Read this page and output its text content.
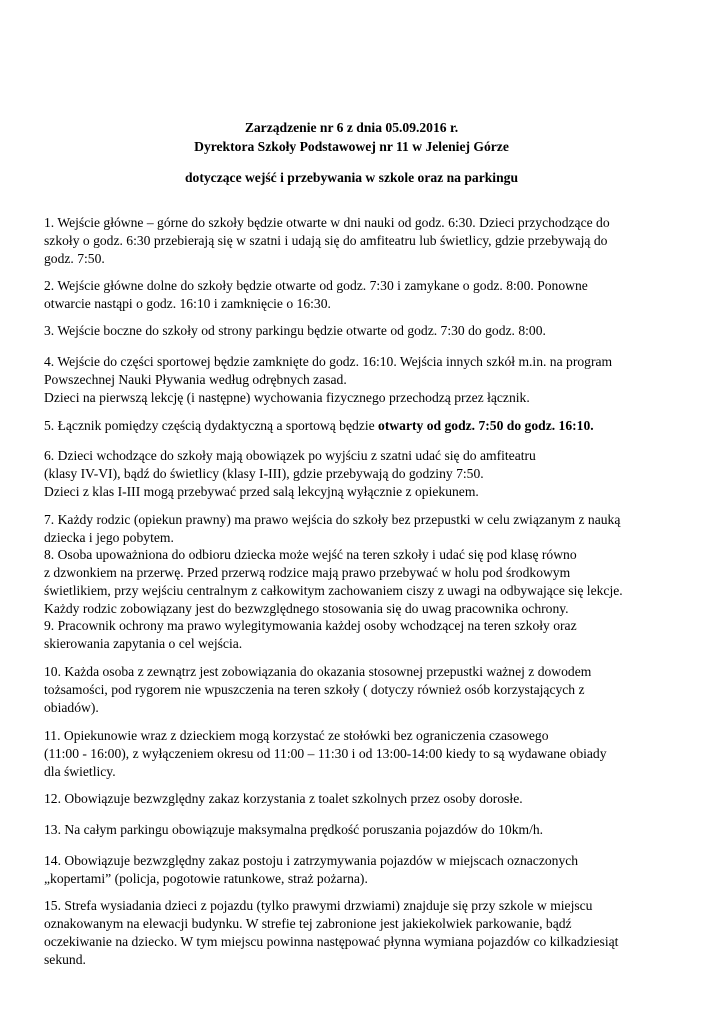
Zarządzenie nr 6 z dnia 05.09.2016 r.
Dyrektora Szkoły Podstawowej nr 11 w Jeleniej Górze
dotyczące wejść i przebywania w szkole oraz na parkingu
1. Wejście główne – górne do szkoły będzie otwarte w dni nauki od godz. 6:30. Dzieci przychodzące do
szkoły o godz. 6:30 przebierają się w szatni i udają się do amfiteatru lub świetlicy, gdzie przebywają do
godz. 7:50.
2. Wejście główne dolne do szkoły będzie otwarte od godz. 7:30 i zamykane o godz. 8:00. Ponowne
otwarcie nastąpi o godz. 16:10 i zamknięcie o 16:30.
3. Wejście boczne do szkoły od strony parkingu będzie otwarte od godz. 7:30 do godz. 8:00.
4. Wejście do części sportowej będzie zamknięte do godz. 16:10. Wejścia innych szkół m.in. na program
Powszechnej Nauki Pływania według odrębnych zasad.
Dzieci na pierwszą lekcję (i następne) wychowania fizycznego przechodzą przez łącznik.
5. Łącznik pomiędzy częścią dydaktyczną a sportową będzie otwarty od godz. 7:50 do godz. 16:10.
6. Dzieci wchodzące do szkoły mają obowiązek po wyjściu z szatni udać się do amfiteatru
(klasy IV-VI), bądź do świetlicy (klasy I-III), gdzie przebywają do godziny 7:50.
Dzieci z klas I-III mogą przebywać przed salą lekcyjną wyłącznie z opiekunem.
7. Każdy rodzic (opiekun prawny) ma prawo wejścia do szkoły bez przepustki w celu związanym z nauką
dziecka i jego pobytem.
8. Osoba upoważniona do odbioru dziecka może wejść na teren szkoły i udać się pod klasę równo
z dzwonkiem na przerwę. Przed przerwą rodzice mają prawo przebywać w holu pod środkowym
świetlikiem, przy wejściu centralnym z całkowitym zachowaniem ciszy z uwagi na odbywające się lekcje.
Każdy rodzic zobowiązany jest do bezwzględnego stosowania się do uwag pracownika ochrony.
9. Pracownik ochrony ma prawo wylegitymowania każdej osoby wchodzącej na teren szkoły oraz
skierowania zapytania o cel wejścia.
10. Każda osoba z zewnątrz jest zobowiązania do okazania stosownej przepustki ważnej z dowodem
tożsamości, pod rygorem nie wpuszczenia na teren szkoły ( dotyczy również osób korzystających z
obiadów).
11. Opiekunowie wraz z dzieckiem mogą korzystać ze stołówki bez ograniczenia czasowego
(11:00 - 16:00), z wyłączeniem okresu od 11:00 – 11:30 i od 13:00-14:00 kiedy to są wydawane obiady
dla świetlicy.
12. Obowiązuje bezwzględny zakaz korzystania z toalet szkolnych przez osoby dorosłe.
13. Na całym parkingu obowiązuje maksymalna prędkość poruszania pojazdów do 10km/h.
14. Obowiązuje bezwzględny zakaz postoju i zatrzymywania pojazdów w miejscach oznaczonych
„kopertami” (policja, pogotowie ratunkowe, straż pożarna).
15. Strefa wysiadania dzieci z pojazdu (tylko prawymi drzwiami) znajduje się przy szkole w miejscu
oznakowanym na elewacji budynku. W strefie tej zabronione jest jakiekolwiek parkowanie, bądź
oczekiwanie na dziecko. W tym miejscu powinna następować płynna wymiana pojazdów co kilkadziesiąt
sekund.
